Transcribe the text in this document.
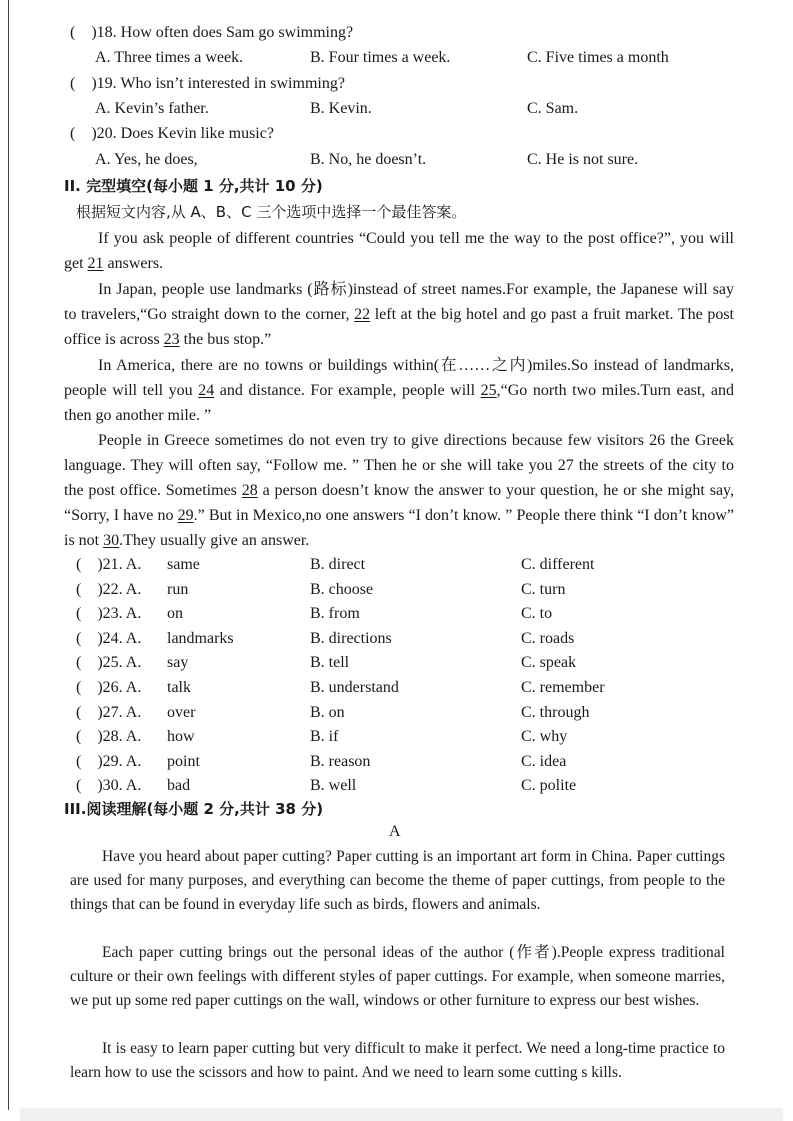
( )18. How often does Sam go swimming?
A. Three times a week.	B. Four times a week.	C. Five times a month
( )19. Who isn’t interested in swimming?
A. Kevin’s father.	B. Kevin.	C. Sam.
( )20. Does Kevin like music?
A. Yes, he does,	B. No, he doesn’t.	C. He is not sure.
II. 完型填空(每小题 1 分,共计 10 分)
根据短文内容,从 A、B、C 三个选项中选择一个最佳答案。
If you ask people of different countries “Could you tell me the way to the post office?”, you will get 21 answers.
In Japan, people use landmarks (路标)instead of street names.For example, the Japanese will say to travelers,“Go straight down to the corner, 22 left at the big hotel and go past a fruit market. The post office is across 23 the bus stop.”
In America, there are no towns or buildings within(在……之内)miles.So instead of landmarks, people will tell you 24 and distance. For example, people will 25,“Go north two miles.Turn east, and then go another mile. ”
People in Greece sometimes do not even try to give directions because few visitors 26 the Greek language. They will often say, “Follow me. ” Then he or she will take you 27 the streets of the city to the post office. Sometimes 28 a person doesn’t know the answer to your question, he or she might say, “Sorry, I have no 29.” But in Mexico,no one answers “I don’t know. ” People there think “I don’t know” is not 30.They usually give an answer.
( )21. A. same	B. direct	C. different
( )22. A. run	B. choose	C. turn
( )23. A. on	B. from	C. to
( )24. A. landmarks	B. directions	C. roads
( )25. A. say	B. tell	C. speak
( )26. A. talk	B. understand	C. remember
( )27. A. over	B. on	C. through
( )28. A. how	B. if	C. why
( )29. A. point	B. reason	C. idea
( )30. A. bad	B. well	C. polite
III.阅读理解(每小题 2 分,共计 38 分)
A
Have you heard about paper cutting? Paper cutting is an important art form in China. Paper cuttings are used for many purposes, and everything can become the theme of paper cuttings, from people to the things that can be found in everyday life such as birds, flowers and animals.
Each paper cutting brings out the personal ideas of the author (作者).People express traditional culture or their own feelings with different styles of paper cuttings. For example, when someone marries, we put up some red paper cuttings on the wall, windows or other furniture to express our best wishes.
It is easy to learn paper cutting but very difficult to make it perfect. We need a long-time practice to learn how to use the scissors and how to paint. And we need to learn some cutting s kills.
